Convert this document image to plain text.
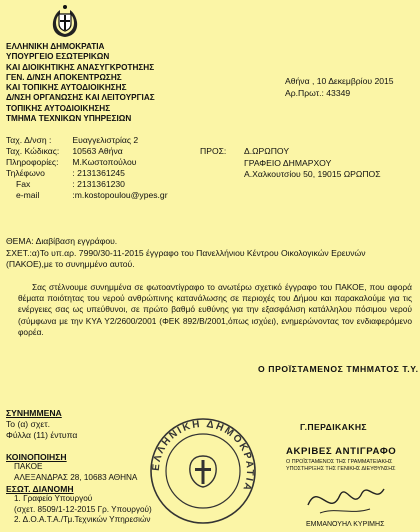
ΕΛΛΗΝΙΚΗ ΔΗΜΟΚΡΑΤΙΑ
ΥΠΟΥΡΓΕΙΟ ΕΣΩΤΕΡΙΚΩΝ
ΚΑΙ ΔΙΟΙΚΗΤΙΚΗΣ ΑΝΑΣΥΓΚΡΟΤΗΣΗΣ
ΓΕΝ. Δ/ΝΣΗ ΑΠΟΚΕΝΤΡΩΣΗΣ
ΚΑΙ ΤΟΠΙΚΗΣ ΑΥΤΟΔΙΟΙΚΗΣΗΣ
Δ/ΝΣΗ ΟΡΓΑΝΩΣΗΣ ΚΑΙ ΛΕΙΤΟΥΡΓΙΑΣ
ΤΟΠΙΚΗΣ ΑΥΤΟΔΙΟΙΚΗΣΗΣ
ΤΜΗΜΑ ΤΕΧΝΙΚΩΝ ΥΠΗΡΕΣΙΩΝ
Αθήνα , 10 Δεκεμβρίου 2015
Αρ.Πρωτ.: 43349
Ταχ. Δ/νση : Ευαγγελιστρίας 2
Ταχ. Κώδικας: 10563 Αθήνα
Πληροφορίες: Μ.Κωστοπούλου
Τηλέφωνο	: 2131361245
Fax	: 2131361230
e-mail	:m.kostopoulou@ypes.gr
ΠΡΟΣ: Δ.ΩΡΩΠΟΥ
ΓΡΑΦΕΙΟ ΔΗΜΑΡΧΟΥ
Α.Χαλκουτσίου 50, 19015 ΩΡΩΠΟΣ
ΘΕΜΑ: Διαβίβαση εγγράφου.
ΣΧΕΤ.:α)Το υπ.αρ. 7990/30-11-2015 έγγραφο του Πανελλήνιου Κέντρου Οικολογικών Ερευνών (ΠΑΚΟΕ),με το συνημμένο αυτού.
Σας στέλνουμε συνημμένα σε φωτοαντίγραφο το ανωτέρω σχετικό έγγραφο του ΠΑΚΟΕ, που αφορά θέματα ποιότητας του νερού ανθρώπινης κατανάλωσης σε περιοχές του Δήμου και παρακαλούμε για τις ενέργειες σας ως υπεύθυνοι, σε πρώτο βαθμό ευθύνης για την εξασφάλιση κατάλληλου πόσιμου νερού (σύμφωνα με την ΚΥΑ Υ2/2600/2001 (ΦΕΚ 892/Β/2001,όπως ισχύει), ενημερώνοντας τον ενδιαφερόμενο φορέα.
Ο ΠΡΟΪΣΤΑΜΕΝΟΣ ΤΜΗΜΑΤΟΣ Τ.Υ.
ΣΥΝΗΜΜΕΝΑ
Το (α) σχετ.
Φύλλα (11) έντυπα
ΚΟΙΝΟΠΟΙΗΣΗ
ΠΑΚΟΕ
ΑΛΕΞΑΝΔΡΑΣ 28, 10683 ΑΘΗΝΑ
ΕΣΩΤ. ΔΙΑΝΟΜΗ
1. Γραφείο Υπουργού
(σχετ. 8509/1-12-2015 Γρ. Υπουργού)
2. Δ.Ο.Α.Τ.Α./Τμ.Τεχνικών Υπηρεσιών
ΕΛΛΗΝΙΚΗ ΔΗΜΟΚΡΑΤΙΑ
Γ.ΠΕΡΔΙΚΑΚΗΣ
ΑΚΡΙΒΕΣ ΑΝΤΙΓΡΑΦΟ
Ο ΠΡΟΪΣΤΑΜΕΝΟΣ ΤΗΣ ΓΡΑΜΜΑΤΕΙΑΚΗΣ
ΥΠΟΣΤΗΡΙΞΗΣ ΤΗΣ ΓΕΝΙΚΗΣ ΔΙΕΥΘΥΝΣΗΣ
ΕΜΜΑΝΟΥΗΛ ΚΥΡΙΜΗΣ
